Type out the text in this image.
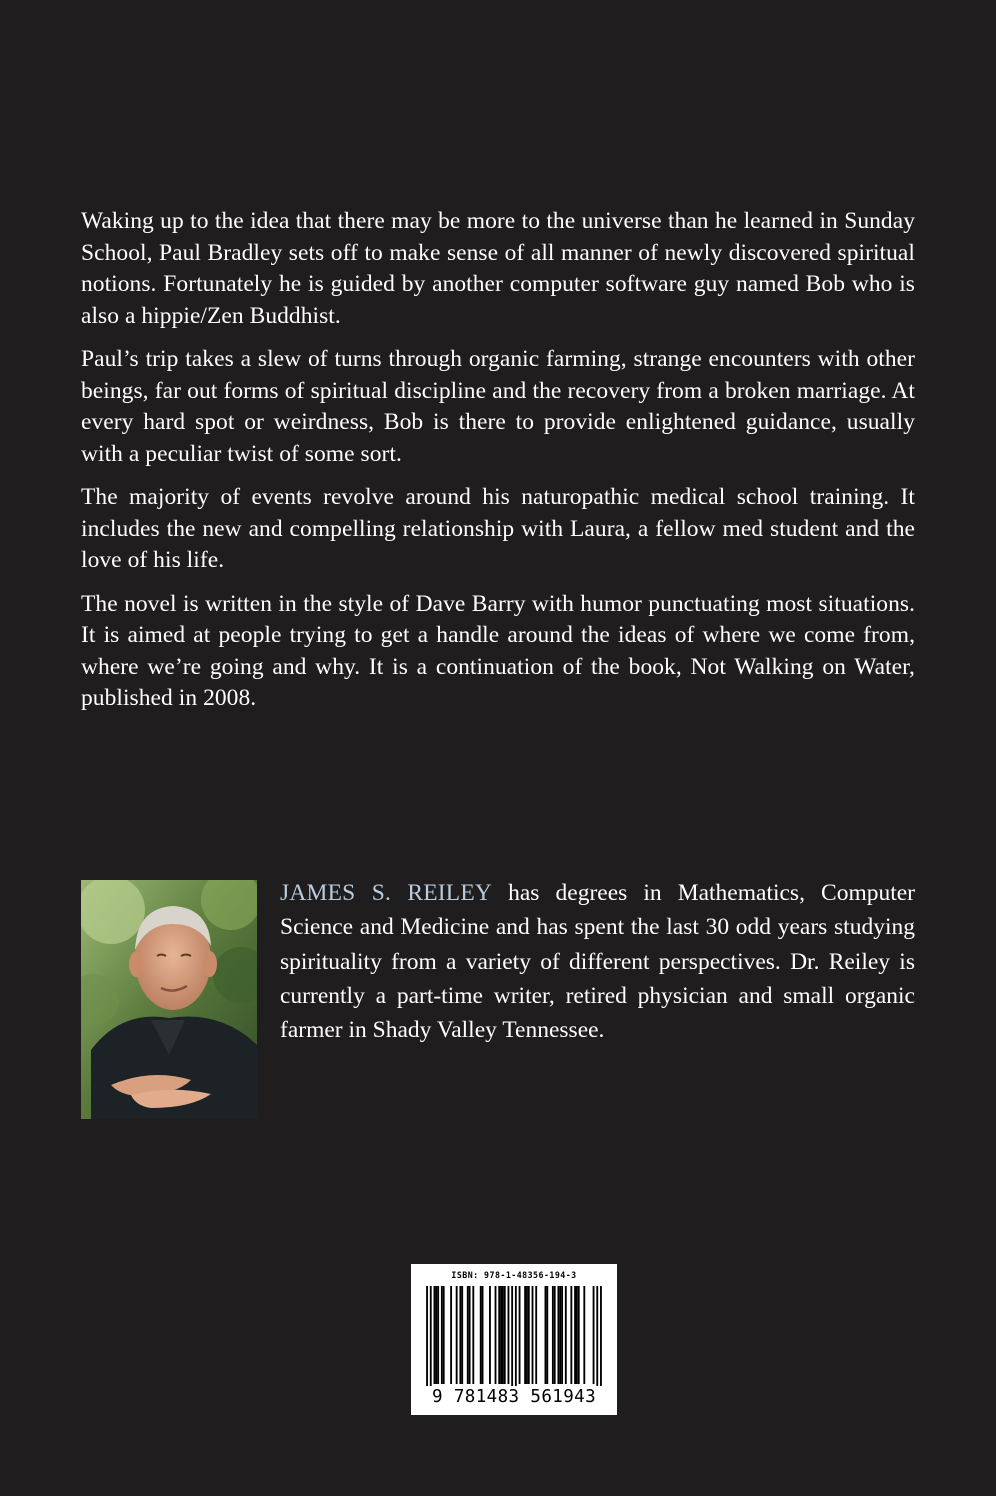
Waking up to the idea that there may be more to the universe than he learned in Sunday School, Paul Bradley sets off to make sense of all manner of newly discovered spiritual notions. Fortunately he is guided by another computer software guy named Bob who is also a hippie/Zen Buddhist.

Paul’s trip takes a slew of turns through organic farming, strange encounters with other beings, far out forms of spiritual discipline and the recovery from a broken marriage. At every hard spot or weirdness, Bob is there to provide enlightened guidance, usually with a peculiar twist of some sort.

The majority of events revolve around his naturopathic medical school training. It includes the new and compelling relationship with Laura, a fellow med student and the love of his life.

The novel is written in the style of Dave Barry with humor punctuating most situations. It is aimed at people trying to get a handle around the ideas of where we come from, where we’re going and why. It is a continuation of the book, Not Walking on Water, published in 2008.

JAMES S. REILEY has degrees in Mathematics, Computer Science and Medicine and has spent the last 30 odd years studying spirituality from a variety of different perspectives. Dr. Reiley is currently a part-time writer, retired physician and small organic farmer in Shady Valley Tennessee.

ISBN: 978-1-48356-194-3
9 781483 561943
